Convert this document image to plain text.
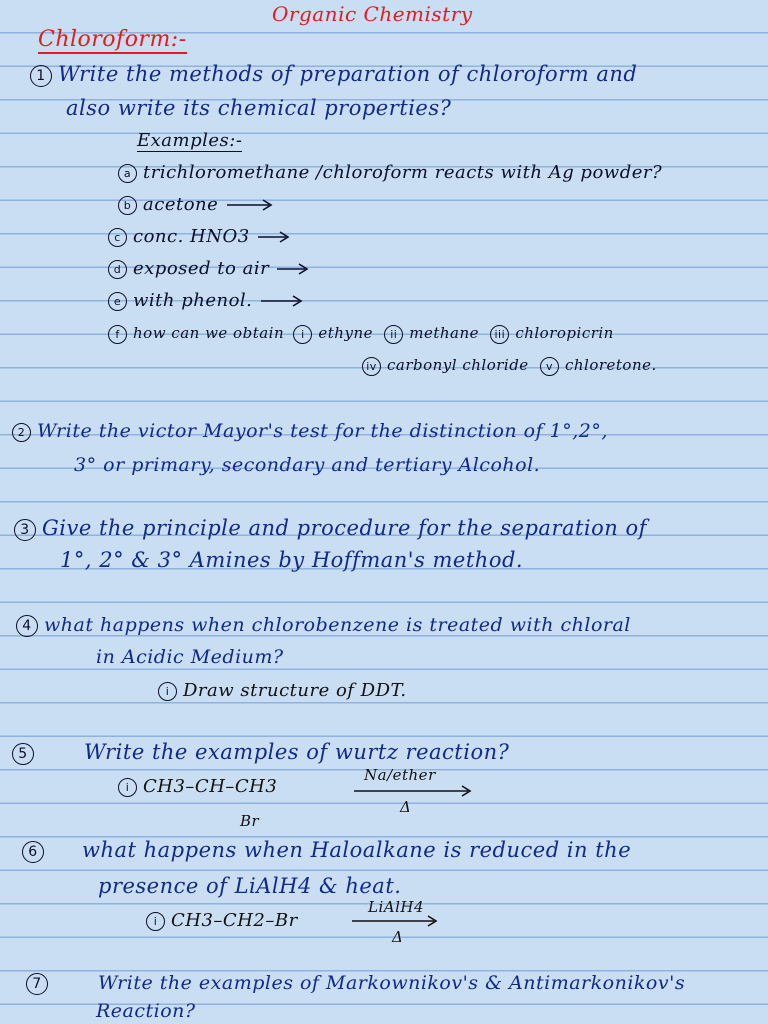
Organic Chemistry
Chloroform:-
1 Write the methods of preparation of chloroform and
also write its chemical properties?
Examples:-
a trichloromethane /chloroform reacts with Ag powder?
b acetone →
c conc. HNO3 →
d exposed to air →
e with phenol. →
f how can we obtain i ethyne ii methane iii chloropicrin
iv carbonyl chloride v chloretone.
2 Write the victor Mayor's test for the distinction of 1°,2°,
3° or primary, secondary and tertiary Alcohol.
3 Give the principle and procedure for the separation of
1°, 2° & 3° Amines by Hoffman's method.
4 what happens when chlorobenzene is treated with chloral
in Acidic Medium?
i Draw structure of DDT.
5	Write the examples of wurtz reaction?
i CH3–CH–CH3
Br
Na/ether
Δ
6 what happens when Haloalkane is reduced in the
presence of LiAlH4 & heat.
i CH3–CH2–Br
LiAlH4
Δ
7	Write the examples of Markownikov's & Antimarkonikov's
Reaction?
